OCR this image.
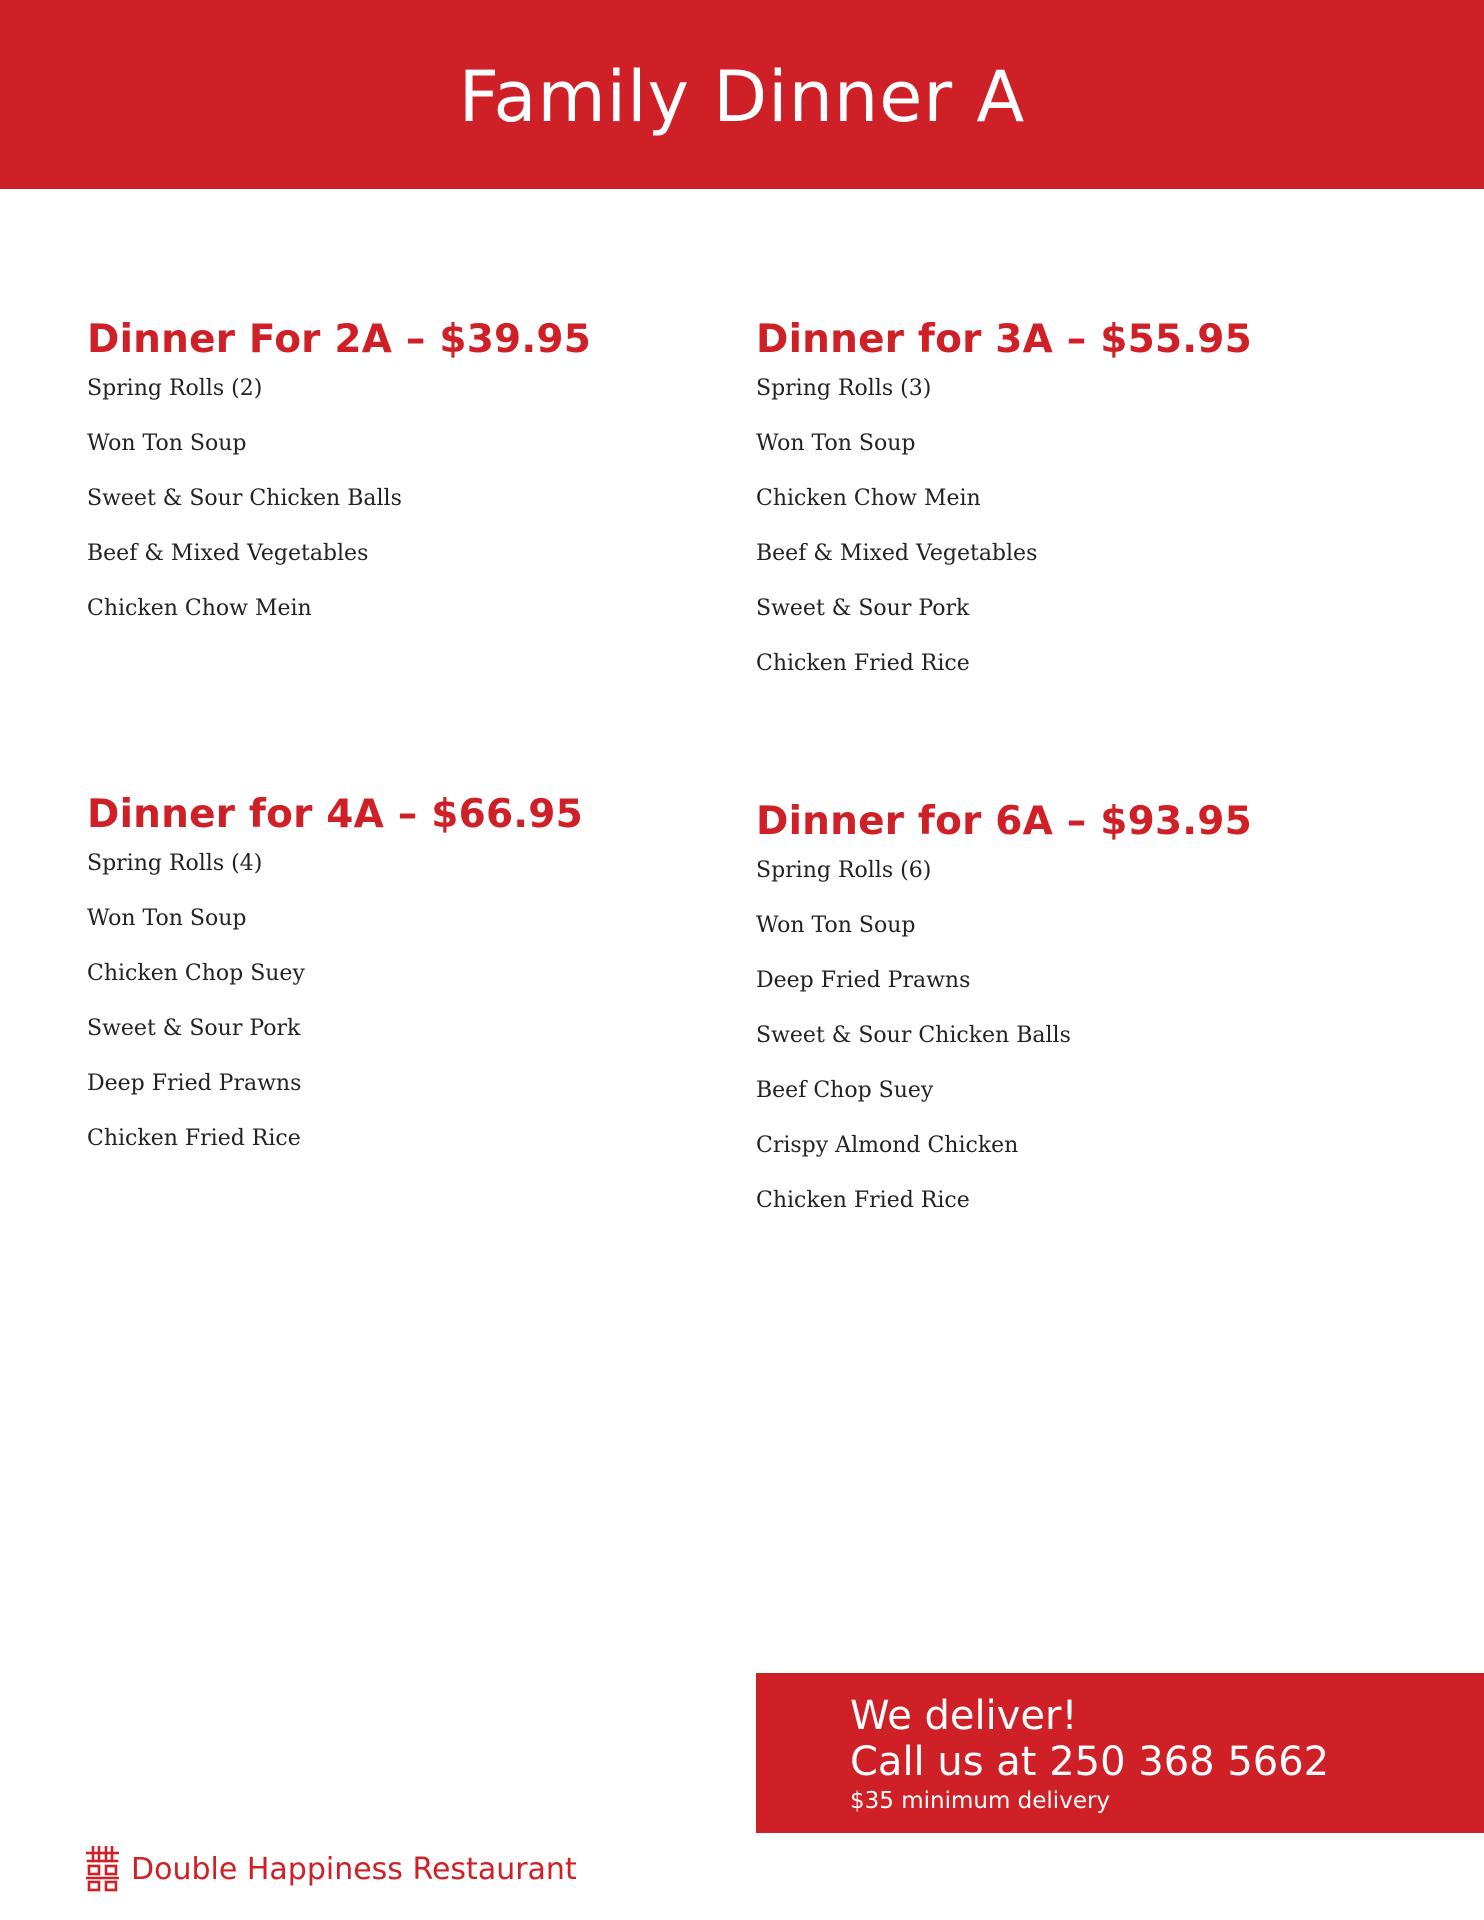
Family Dinner A
Dinner For 2A – $39.95
Spring Rolls (2)
Won Ton Soup
Sweet & Sour Chicken Balls
Beef & Mixed Vegetables
Chicken Chow Mein
Dinner for 3A – $55.95
Spring Rolls (3)
Won Ton Soup
Chicken Chow Mein
Beef & Mixed Vegetables
Sweet & Sour Pork
Chicken Fried Rice
Dinner for 4A – $66.95
Spring Rolls (4)
Won Ton Soup
Chicken Chop Suey
Sweet & Sour Pork
Deep Fried Prawns
Chicken Fried Rice
Dinner for 6A – $93.95
Spring Rolls (6)
Won Ton Soup
Deep Fried Prawns
Sweet & Sour Chicken Balls
Beef Chop Suey
Crispy Almond Chicken
Chicken Fried Rice
We deliver!
Call us at 250 368 5662
$35 minimum delivery
Double Happiness Restaurant
